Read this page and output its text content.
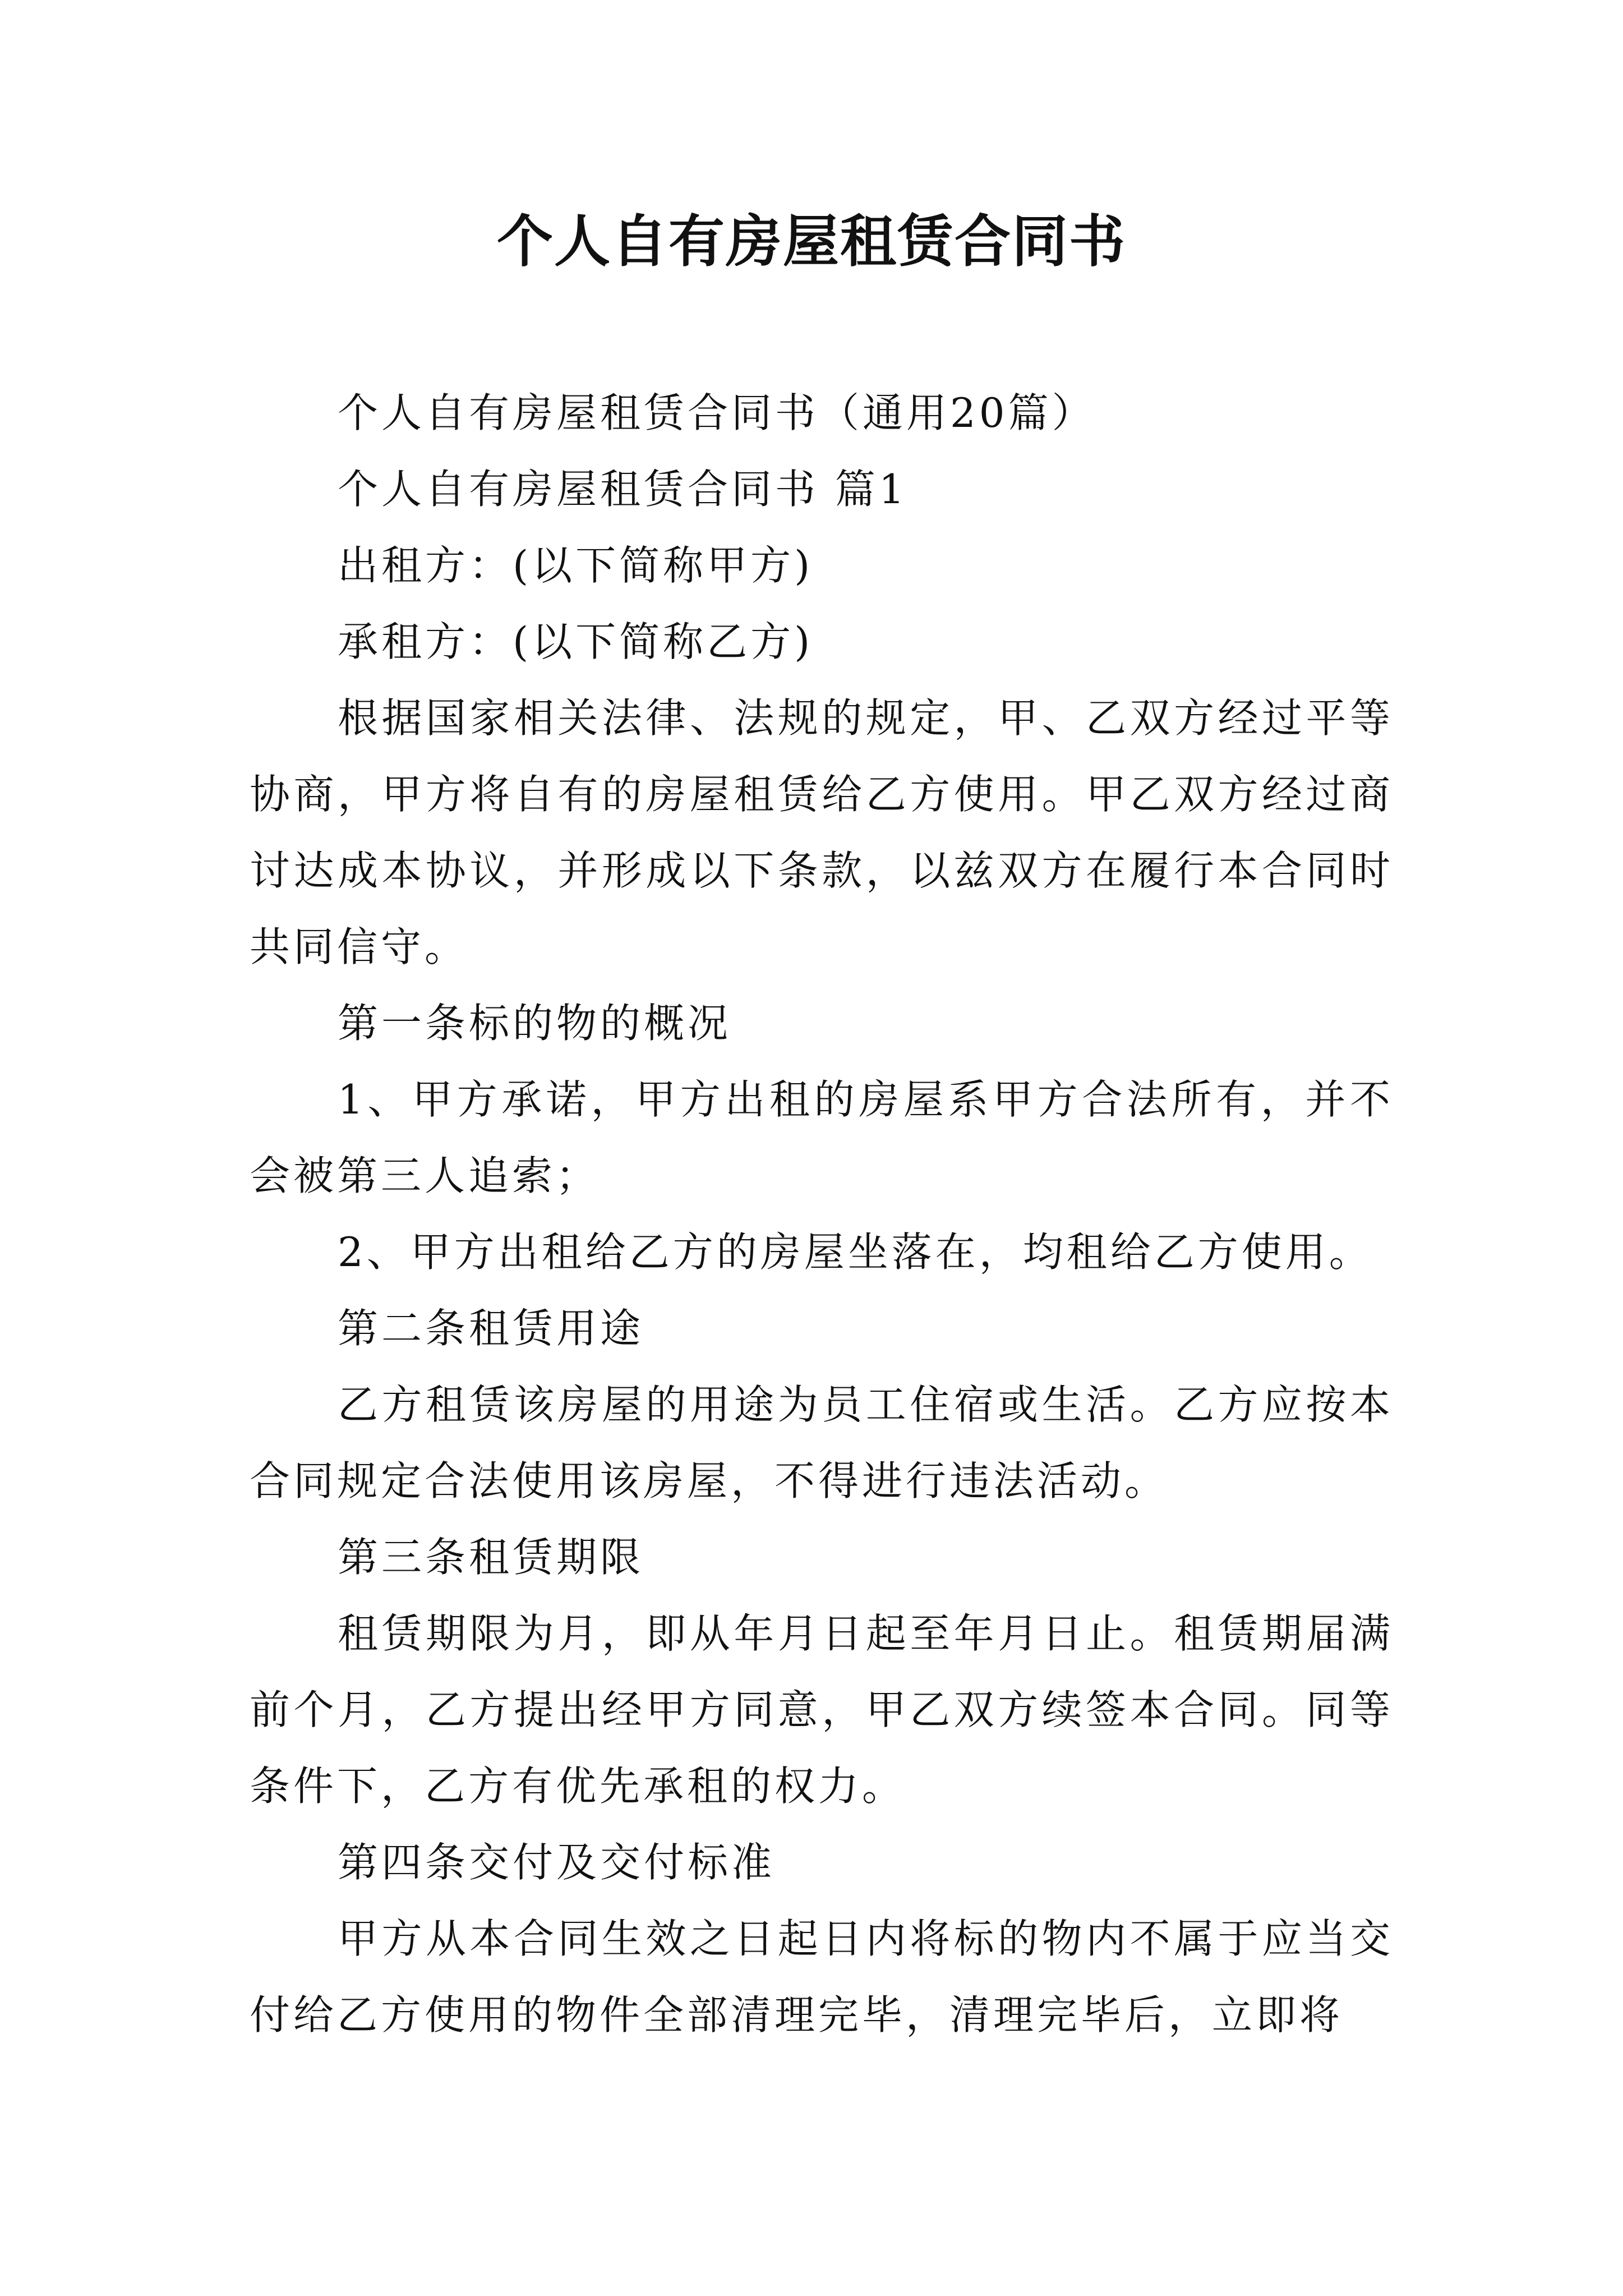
个人自有房屋租赁合同书

个人自有房屋租赁合同书（通用20篇）

个人自有房屋租赁合同书 篇1

出租方：(以下简称甲方)

承租方：(以下简称乙方)

根据国家相关法律、法规的规定，甲、乙双方经过平等协商，甲方将自有的房屋租赁给乙方使用。甲乙双方经过商讨达成本协议，并形成以下条款，以兹双方在履行本合同时共同信守。

第一条标的物的概况

1、甲方承诺，甲方出租的房屋系甲方合法所有，并不会被第三人追索；

2、甲方出租给乙方的房屋坐落在，均租给乙方使用。

第二条租赁用途

乙方租赁该房屋的用途为员工住宿或生活。乙方应按本合同规定合法使用该房屋，不得进行违法活动。

第三条租赁期限

租赁期限为月，即从年月日起至年月日止。租赁期届满前个月，乙方提出经甲方同意，甲乙双方续签本合同。同等条件下，乙方有优先承租的权力。

第四条交付及交付标准

甲方从本合同生效之日起日内将标的物内不属于应当交付给乙方使用的物件全部清理完毕，清理完毕后，立即将
